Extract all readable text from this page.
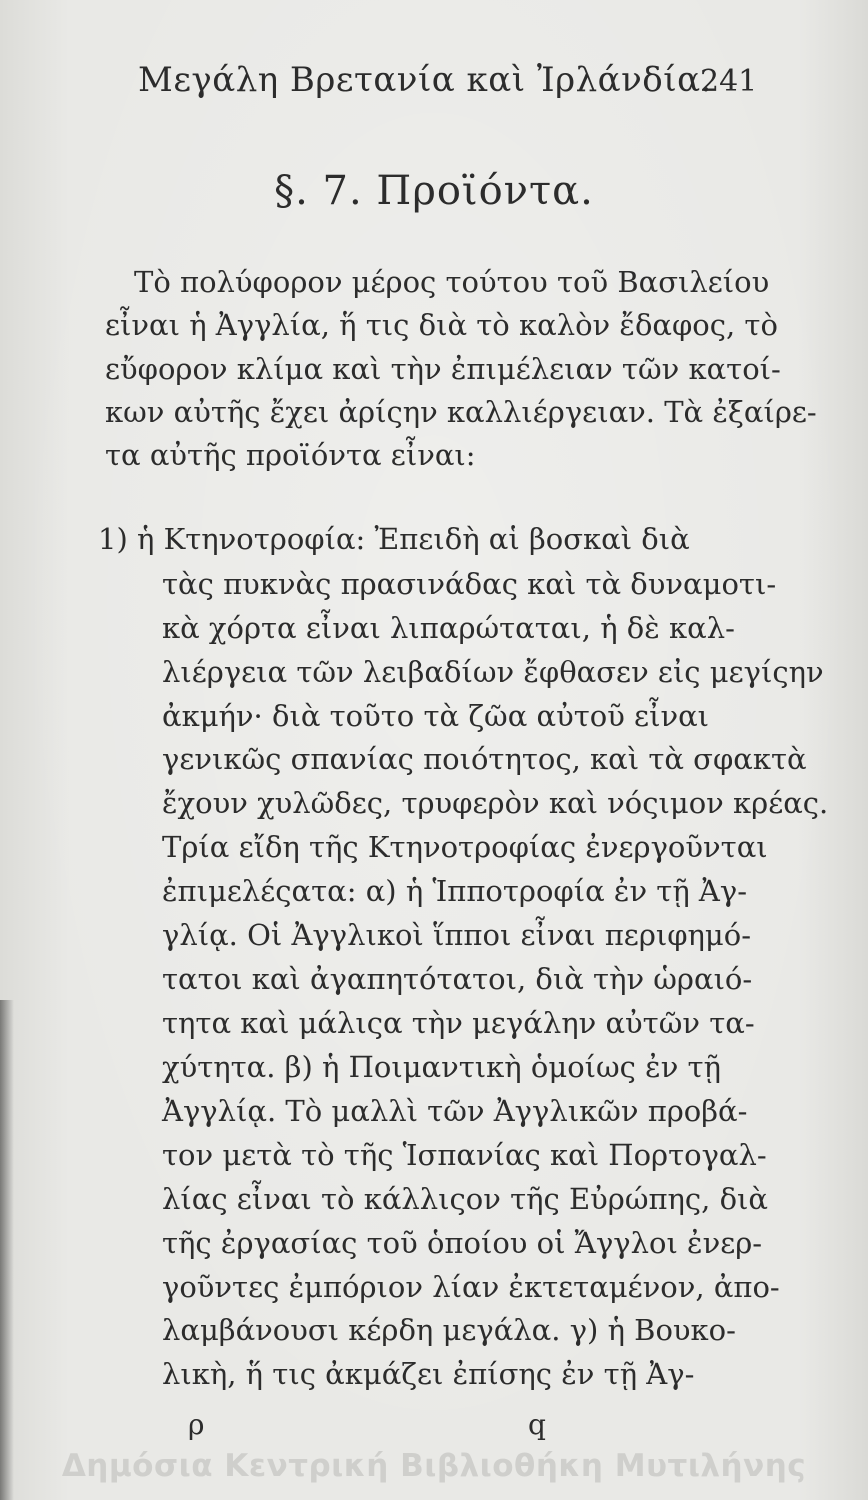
Μεγάλη Βρετανία καὶ Ἰρλάνδία.
241
§. 7. Προϊόντα.
Τὸ πολύφορον μέρος τούτου τοῦ Βασιλείου
εἶναι ἡ Ἀγγλία, ἥ τις διὰ τὸ καλὸν ἔδαφος, τὸ
εὔφορον κλίμα καὶ τὴν ἐπιμέλειαν τῶν κατοί-
κων αὐτῆς ἔχει ἀρίςην καλλιέργειαν. Τὰ ἐξαίρε-
τα αὐτῆς προϊόντα εἶναι:
1) ἡ Κτηνοτροφία: Ἐπειδὴ αἱ βοσκαὶ διὰ
τὰς πυκνὰς πρασινάδας καὶ τὰ δυναμοτι-
κὰ χόρτα εἶναι λιπαρώταται, ἡ δὲ καλ-
λιέργεια τῶν λειβαδίων ἔφθασεν εἰς μεγίςην
ἀκμήν· διὰ τοῦτο τὰ ζῶα αὐτοῦ εἶναι
γενικῶς σπανίας ποιότητος, καὶ τὰ σφακτὰ
ἔχουν χυλῶδες, τρυφερὸν καὶ νόςιμον κρέας.
Τρία εἴδη τῆς Κτηνοτροφίας ἐνεργοῦνται
ἐπιμελέςατα: α) ἡ Ἱπποτροφία ἐν τῇ Ἀγ-
γλίᾳ. Οἱ Ἀγγλικοὶ ἵπποι εἶναι περιφημό-
τατοι καὶ ἀγαπητότατοι, διὰ τὴν ὡραιό-
τητα καὶ μάλιςα τὴν μεγάλην αὐτῶν τα-
χύτητα. β) ἡ Ποιμαντικὴ ὁμοίως ἐν τῇ
Ἀγγλίᾳ. Τὸ μαλλὶ τῶν Ἀγγλικῶν προβά-
τον μετὰ τὸ τῆς Ἱσπανίας καὶ Πορτογαλ-
λίας εἶναι τὸ κάλλιςον τῆς Εὐρώπης, διὰ
τῆς ἐργασίας τοῦ ὁποίου οἱ Ἄγγλοι ἐνερ-
γοῦντες ἐμπόριον λίαν ἐκτεταμένον, ἀπο-
λαμβάνουσι κέρδη μεγάλα. γ) ἡ Βουκο-
λικὴ, ἥ τις ἀκμάζει ἐπίσης ἐν τῇ Ἀγ-
ρ	q
Δημόσια Κεντρική Βιβλιοθήκη Μυτιλήνης
